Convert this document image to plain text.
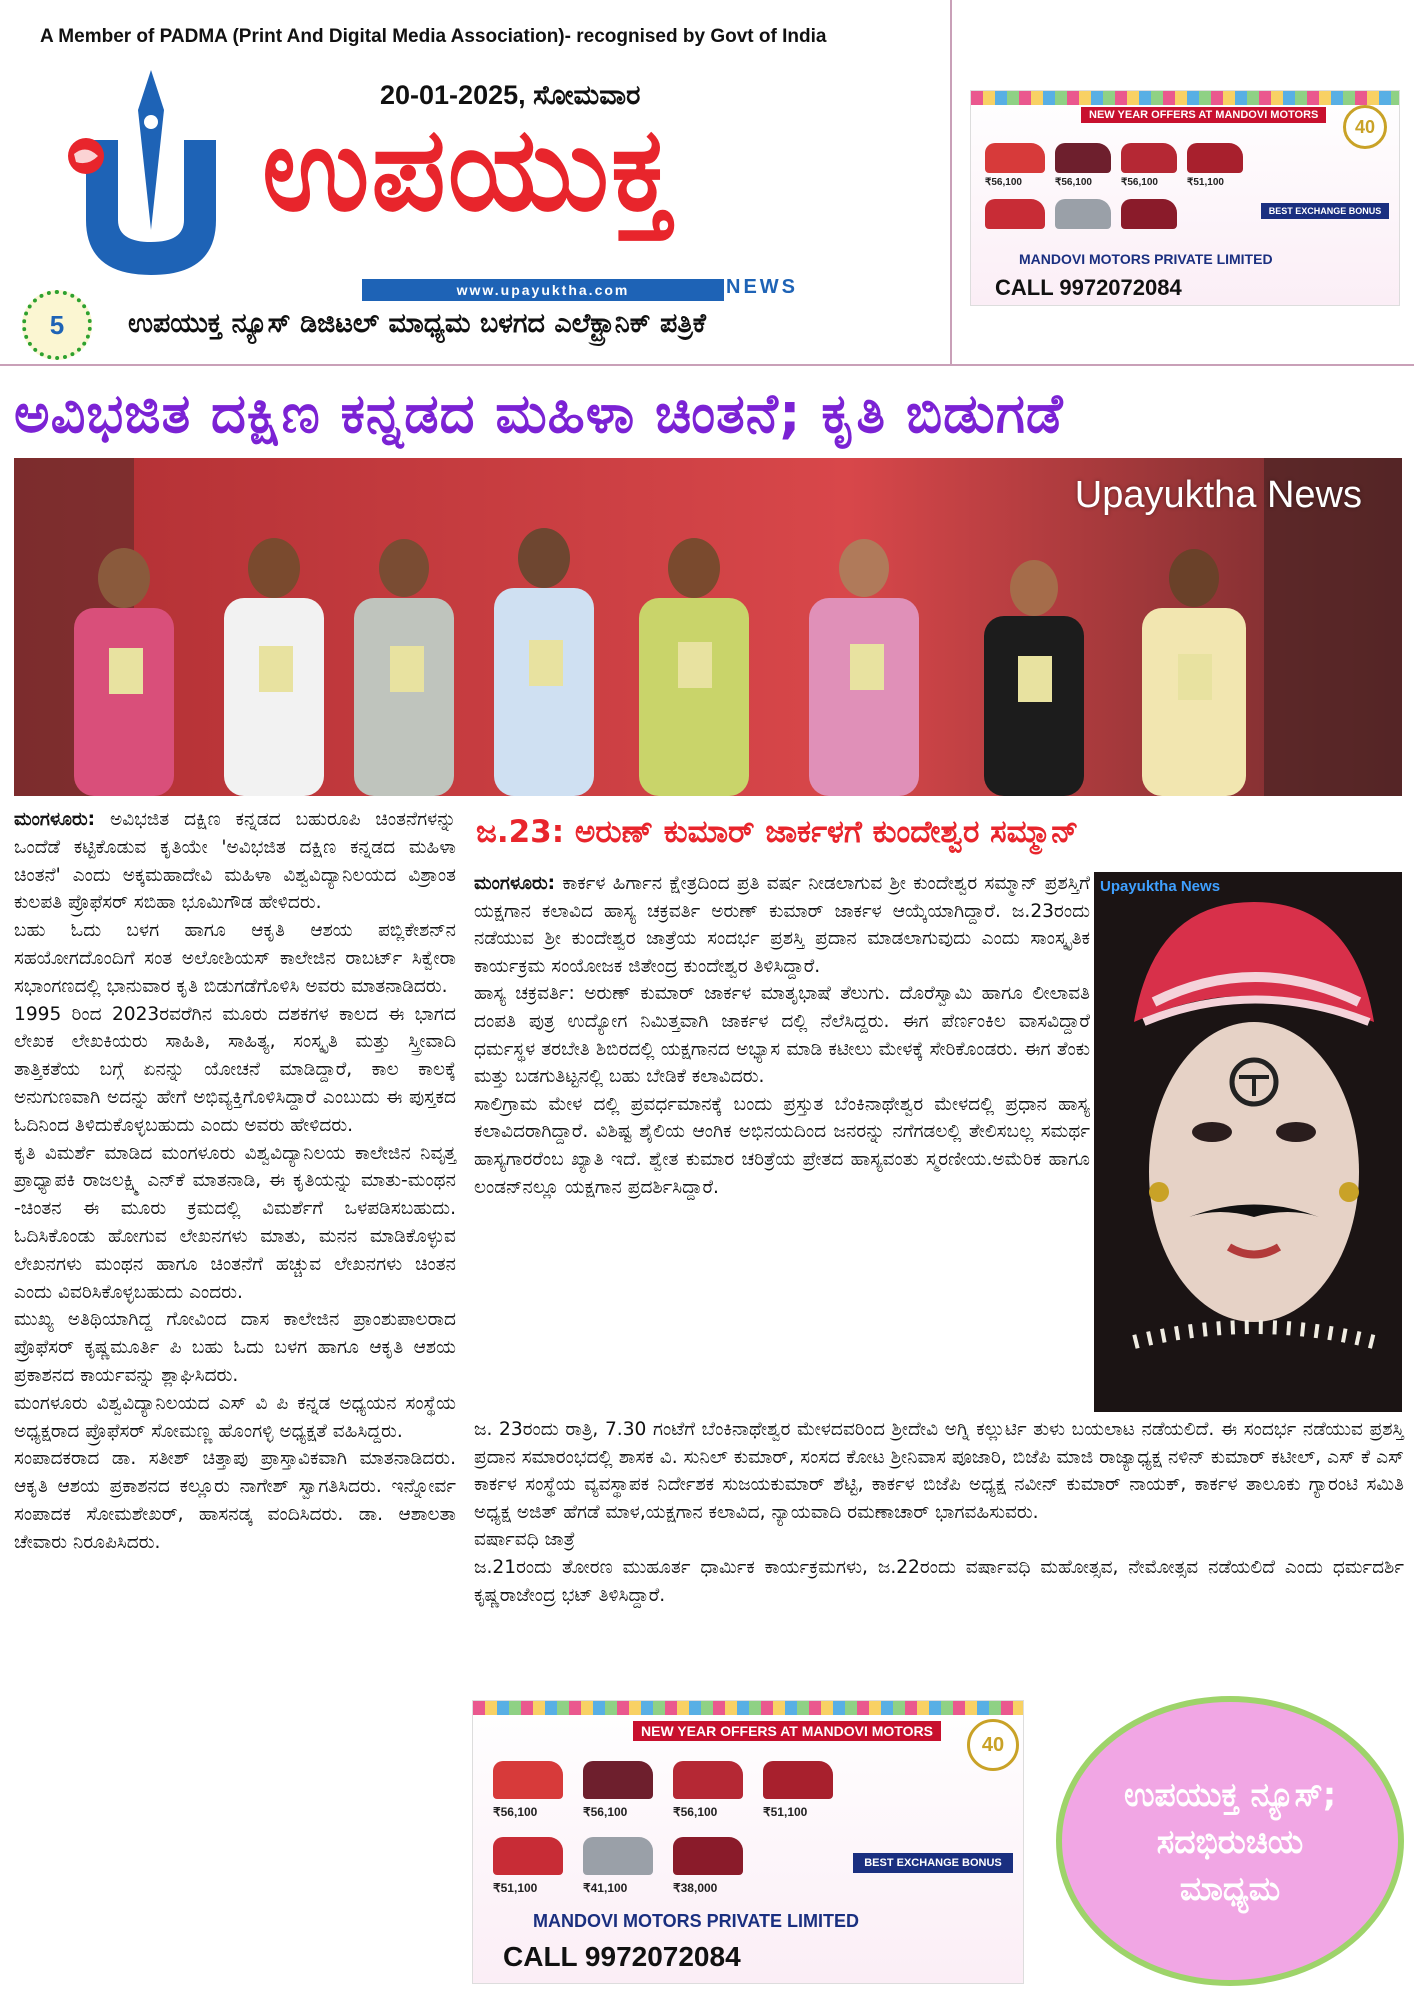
A Member of PADMA (Print And Digital Media Association)- recognised by Govt of India
20-01-2025, ಸೋಮವಾರ
ಉಪಯುಕ್ತ
www.upayuktha.com	NEWS
5	ಉಪಯುಕ್ತ ನ್ಯೂಸ್ ಡಿಜಿಟಲ್ ಮಾಧ್ಯಮ ಬಳಗದ ಎಲೆಕ್ಟ್ರಾನಿಕ್ ಪತ್ರಿಕೆ
NEW YEAR OFFERS AT MANDOVI MOTORS
40
₹56,100	₹56,100	₹56,100	₹51,100
BEST EXCHANGE BONUS
MANDOVI MOTORS PRIVATE LIMITED
CALL 9972072084
ಅವಿಭಜಿತ ದಕ್ಷಿಣ ಕನ್ನಡದ ಮಹಿಳಾ ಚಿಂತನೆ; ಕೃತಿ ಬಿಡುಗಡೆ
Upayuktha News

ಮಂಗಳೂರು: ಅವಿಭಜಿತ ದಕ್ಷಿಣ ಕನ್ನಡದ ಬಹುರೂಪಿ ಚಿಂತನೆಗಳನ್ನು ಒಂದೆಡೆ ಕಟ್ಟಿಕೊಡುವ ಕೃತಿಯೇ 'ಅವಿಭಜಿತ ದಕ್ಷಿಣ ಕನ್ನಡದ ಮಹಿಳಾ ಚಿಂತನೆ' ಎಂದು ಅಕ್ಕಮಹಾದೇವಿ ಮಹಿಳಾ ವಿಶ್ವವಿದ್ಯಾನಿಲಯದ ವಿಶ್ರಾಂತ ಕುಲಪತಿ ಪ್ರೊಫೆಸರ್ ಸಬಿಹಾ ಭೂಮಿಗೌಡ ಹೇಳಿದರು.

ಬಹು ಓದು ಬಳಗ ಹಾಗೂ ಆಕೃತಿ ಆಶಯ ಪಬ್ಲಿಕೇಶನ್‌ನ ಸಹಯೋಗದೊಂದಿಗೆ ಸಂತ ಅಲೋಶಿಯಸ್ ಕಾಲೇಜಿನ ರಾಬರ್ಟ್ ಸಿಕ್ವೇರಾ ಸಭಾಂಗಣದಲ್ಲಿ ಭಾನುವಾರ ಕೃತಿ ಬಿಡುಗಡೆಗೊಳಿಸಿ ಅವರು ಮಾತನಾಡಿದರು.

1995 ರಿಂದ 2023ರವರೆಗಿನ ಮೂರು ದಶಕಗಳ ಕಾಲದ ಈ ಭಾಗದ ಲೇಖಕ ಲೇಖಕಿಯರು ಸಾಹಿತಿ, ಸಾಹಿತ್ಯ, ಸಂಸ್ಕೃತಿ ಮತ್ತು ಸ್ತ್ರೀವಾದಿ ತಾತ್ತಿಕತೆಯ ಬಗ್ಗೆ ಏನನ್ನು ಯೋಚನೆ ಮಾಡಿದ್ದಾರೆ, ಕಾಲ ಕಾಲಕ್ಕೆ ಅನುಗುಣವಾಗಿ ಅದನ್ನು ಹೇಗೆ ಅಭಿವ್ಯಕ್ತಿಗೊಳಿಸಿದ್ದಾರೆ ಎಂಬುದು ಈ ಪುಸ್ತಕದ ಓದಿನಿಂದ ತಿಳಿದುಕೊಳ್ಳಬಹುದು ಎಂದು ಅವರು ಹೇಳಿದರು.

ಕೃತಿ ವಿಮರ್ಶೆ ಮಾಡಿದ ಮಂಗಳೂರು ವಿಶ್ವವಿದ್ಯಾನಿಲಯ ಕಾಲೇಜಿನ ನಿವೃತ್ತ ಪ್ರಾಧ್ಯಾಪಕಿ ರಾಜಲಕ್ಷ್ಮಿ ಎನ್‌ಕೆ ಮಾತನಾಡಿ, ಈ ಕೃತಿಯನ್ನು ಮಾತು-ಮಂಥನ -ಚಿಂತನ ಈ ಮೂರು ಕ್ರಮದಲ್ಲಿ ವಿಮರ್ಶೆಗೆ ಒಳಪಡಿಸಬಹುದು. ಓದಿಸಿಕೊಂಡು ಹೋಗುವ ಲೇಖನಗಳು ಮಾತು, ಮನನ ಮಾಡಿಕೊಳ್ಳುವ ಲೇಖನಗಳು ಮಂಥನ ಹಾಗೂ ಚಿಂತನೆಗೆ ಹಚ್ಚುವ ಲೇಖನಗಳು ಚಿಂತನ ಎಂದು ವಿವರಿಸಿಕೊಳ್ಳಬಹುದು ಎಂದರು.

ಮುಖ್ಯ ಅತಿಥಿಯಾಗಿದ್ದ ಗೋವಿಂದ ದಾಸ ಕಾಲೇಜಿನ ಪ್ರಾಂಶುಪಾಲರಾದ ಪ್ರೊಫೆಸರ್ ಕೃಷ್ಣಮೂರ್ತಿ ಪಿ ಬಹು ಓದು ಬಳಗ ಹಾಗೂ ಆಕೃತಿ ಆಶಯ ಪ್ರಕಾಶನದ ಕಾರ್ಯವನ್ನು ಶ್ಲಾಘಿಸಿದರು.

ಮಂಗಳೂರು ವಿಶ್ವವಿದ್ಯಾನಿಲಯದ ಎಸ್ ವಿ ಪಿ ಕನ್ನಡ ಅಧ್ಯಯನ ಸಂಸ್ಥೆಯ ಅಧ್ಯಕ್ಷರಾದ ಪ್ರೊಫೆಸರ್ ಸೋಮಣ್ಣ ಹೊಂಗಳ್ಳಿ ಅಧ್ಯಕ್ಷತೆ ವಹಿಸಿದ್ದರು.

ಸಂಪಾದಕರಾದ ಡಾ. ಸತೀಶ್ ಚಿತ್ತಾಪು ಪ್ರಾಸ್ತಾವಿಕವಾಗಿ ಮಾತನಾಡಿದರು. ಆಕೃತಿ ಆಶಯ ಪ್ರಕಾಶನದ ಕಲ್ಲೂರು ನಾಗೇಶ್ ಸ್ವಾಗತಿಸಿದರು. ಇನ್ನೋರ್ವ ಸಂಪಾದಕ ಸೋಮಶೇಖರ್, ಹಾಸನಡ್ಕ ವಂದಿಸಿದರು. ಡಾ. ಆಶಾಲತಾ ಚೇವಾರು ನಿರೂಪಿಸಿದರು.

ಜ.23: ಅರುಣ್ ಕುಮಾರ್ ಜಾರ್ಕಳಗೆ ಕುಂದೇಶ್ವರ ಸಮ್ಮಾನ್

ಮಂಗಳೂರು: ಕಾರ್ಕಳ ಹಿರ್ಗಾನ ಕ್ಷೇತ್ರದಿಂದ ಪ್ರತಿ ವರ್ಷ ನೀಡಲಾಗುವ ಶ್ರೀ ಕುಂದೇಶ್ವರ ಸಮ್ಮಾನ್ ಪ್ರಶಸ್ತಿಗೆ ಯಕ್ಷಗಾನ ಕಲಾವಿದ ಹಾಸ್ಯ ಚಕ್ರವರ್ತಿ ಅರುಣ್ ಕುಮಾರ್ ಜಾರ್ಕಳ ಆಯ್ಕೆಯಾಗಿದ್ದಾರೆ. ಜ.23ರಂದು ನಡೆಯುವ ಶ್ರೀ ಕುಂದೇಶ್ವರ ಜಾತ್ರೆಯ ಸಂದರ್ಭ ಪ್ರಶಸ್ತಿ ಪ್ರದಾನ ಮಾಡಲಾಗುವುದು ಎಂದು ಸಾಂಸ್ಕೃತಿಕ ಕಾರ್ಯಕ್ರಮ ಸಂಯೋಜಕ ಜಿತೇಂದ್ರ ಕುಂದೇಶ್ವರ ತಿಳಿಸಿದ್ದಾರೆ.

ಹಾಸ್ಯ ಚಕ್ರವರ್ತಿ: ಅರುಣ್ ಕುಮಾರ್ ಜಾರ್ಕಳ ಮಾತೃಭಾಷೆ ತೆಲುಗು. ದೊರೆಸ್ವಾಮಿ ಹಾಗೂ ಲೀಲಾವತಿ ದಂಪತಿ ಪುತ್ರ ಉದ್ಯೋಗ ನಿಮಿತ್ತವಾಗಿ ಜಾರ್ಕಳ ದಲ್ಲಿ ನೆಲೆಸಿದ್ದರು. ಈಗ ಪೆರ್ಣಂಕಿಲ ವಾಸವಿದ್ದಾರೆ ಧರ್ಮಸ್ಥಳ ತರಬೇತಿ ಶಿಬಿರದಲ್ಲಿ ಯಕ್ಷಗಾನದ ಅಭ್ಯಾಸ ಮಾಡಿ ಕಟೀಲು ಮೇಳಕ್ಕೆ ಸೇರಿಕೊಂಡರು. ಈಗ ತೆಂಕು ಮತ್ತು ಬಡಗುತಿಟ್ಟನಲ್ಲಿ ಬಹು ಬೇಡಿಕೆ ಕಲಾವಿದರು.

ಸಾಲಿಗ್ರಾಮ ಮೇಳ ದಲ್ಲಿ ಪ್ರವರ್ಧಮಾನಕ್ಕೆ ಬಂದು ಪ್ರಸ್ತುತ ಬೆಂಕಿನಾಥೇಶ್ವರ ಮೇಳದಲ್ಲಿ ಪ್ರಧಾನ ಹಾಸ್ಯ ಕಲಾವಿದರಾಗಿದ್ದಾರೆ. ವಿಶಿಷ್ಟ ಶೈಲಿಯ ಆಂಗಿಕ ಅಭಿನಯದಿಂದ ಜನರನ್ನು ನಗೆಗಡಲಲ್ಲಿ ತೇಲಿಸಬಲ್ಲ ಸಮರ್ಥ ಹಾಸ್ಯಗಾರರೆಂಬ ಖ್ಯಾತಿ ಇದೆ. ಶ್ವೇತ ಕುಮಾರ ಚರಿತ್ರೆಯ ಪ್ರೇತದ ಹಾಸ್ಯವಂತು ಸ್ಮರಣೀಯ.ಅಮೆರಿಕ ಹಾಗೂ ಲಂಡನ್‌ನಲ್ಲೂ ಯಕ್ಷಗಾನ ಪ್ರದರ್ಶಿಸಿದ್ದಾರೆ.

Upayuktha News

ಜ. 23ರಂದು ರಾತ್ರಿ, 7.30 ಗಂಟೆಗೆ ಬೆಂಕಿನಾಥೇಶ್ವರ ಮೇಳದವರಿಂದ ಶ್ರೀದೇವಿ ಅಗ್ನಿ ಕಲ್ಲುರ್ಟಿ ತುಳು ಬಯಲಾಟ ನಡೆಯಲಿದೆ. ಈ ಸಂದರ್ಭ ನಡೆಯುವ ಪ್ರಶಸ್ತಿ ಪ್ರದಾನ ಸಮಾರಂಭದಲ್ಲಿ ಶಾಸಕ ವಿ. ಸುನಿಲ್ ಕುಮಾರ್, ಸಂಸದ ಕೋಟ ಶ್ರೀನಿವಾಸ ಪೂಜಾರಿ, ಬಿಜೆಪಿ ಮಾಜಿ ರಾಜ್ಯಾಧ್ಯಕ್ಷ ನಳಿನ್ ಕುಮಾರ್ ಕಟೀಲ್, ಎಸ್ ಕೆ ಎಸ್ ಕಾರ್ಕಳ ಸಂಸ್ಥೆಯ ವ್ಯವಸ್ಥಾಪಕ ನಿರ್ದೇಶಕ ಸುಜಯಕುಮಾರ್ ಶೆಟ್ಟಿ, ಕಾರ್ಕಳ ಬಿಜೆಪಿ ಅಧ್ಯಕ್ಷ ನವೀನ್ ಕುಮಾರ್ ನಾಯಕ್, ಕಾರ್ಕಳ ತಾಲೂಕು ಗ್ಯಾರಂಟಿ ಸಮಿತಿ ಅಧ್ಯಕ್ಷ ಅಜಿತ್ ಹೆಗಡೆ ಮಾಳ,ಯಕ್ಷಗಾನ ಕಲಾವಿದ, ನ್ಯಾಯವಾದಿ ರಮಣಾಚಾರ್ ಭಾಗವಹಿಸುವರು.

ವರ್ಷಾವಧಿ ಜಾತ್ರೆ

ಜ.21ರಂದು ತೋರಣ ಮುಹೂರ್ತ ಧಾರ್ಮಿಕ ಕಾರ್ಯಕ್ರಮಗಳು, ಜ.22ರಂದು ವರ್ಷಾವಧಿ ಮಹೋತ್ಸವ, ನೇಮೋತ್ಸವ ನಡೆಯಲಿದೆ ಎಂದು ಧರ್ಮದರ್ಶಿ ಕೃಷ್ಣರಾಜೇಂದ್ರ ಭಟ್ ತಿಳಿಸಿದ್ದಾರೆ.

NEW YEAR OFFERS AT MANDOVI MOTORS
40
₹56,100	₹56,100	₹56,100	₹51,100
₹51,100	₹41,100	₹38,000
BEST EXCHANGE BONUS
MANDOVI MOTORS PRIVATE LIMITED
CALL 9972072084
ಉಪಯುಕ್ತ ನ್ಯೂಸ್; ಸದಭಿರುಚಿಯ ಮಾಧ್ಯಮ
